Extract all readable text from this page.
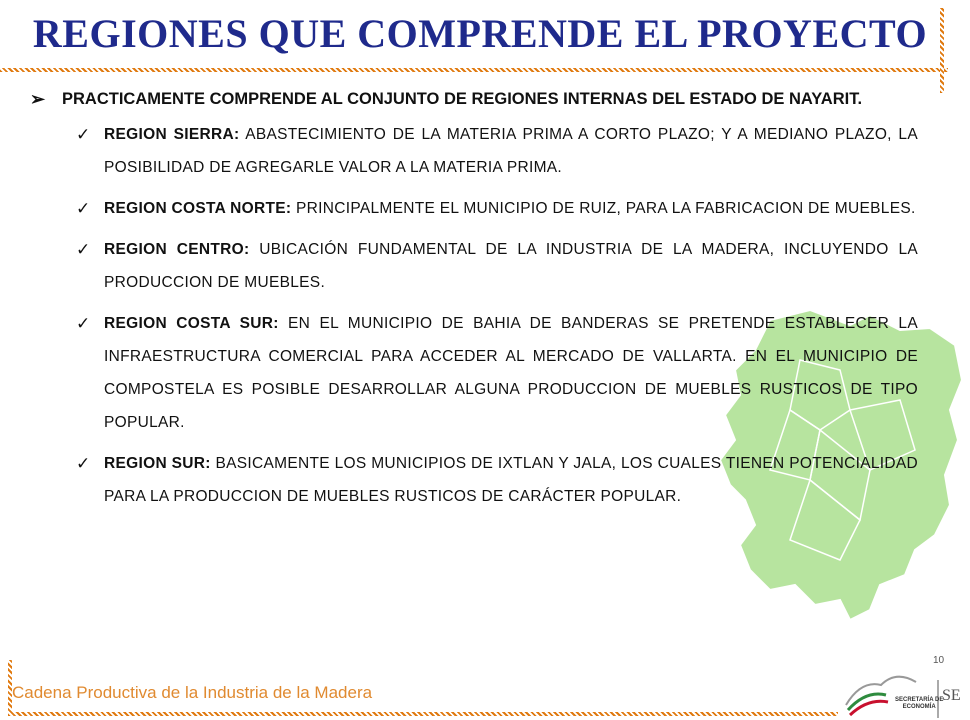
REGIONES QUE COMPRENDE EL PROYECTO
➢ PRACTICAMENTE COMPRENDE AL CONJUNTO DE REGIONES INTERNAS DEL ESTADO DE NAYARIT.
✓ REGION SIERRA: ABASTECIMIENTO DE LA MATERIA PRIMA A CORTO PLAZO; Y A MEDIANO PLAZO, LA POSIBILIDAD DE AGREGARLE VALOR A LA MATERIA PRIMA.
✓ REGION COSTA NORTE: PRINCIPALMENTE EL MUNICIPIO DE RUIZ, PARA LA FABRICACION DE MUEBLES.
✓ REGION CENTRO: UBICACIÓN FUNDAMENTAL DE LA INDUSTRIA DE LA MADERA, INCLUYENDO LA PRODUCCION DE MUEBLES.
✓ REGION COSTA SUR: EN EL MUNICIPIO DE BAHIA DE BANDERAS SE PRETENDE ESTABLECER LA INFRAESTRUCTURA COMERCIAL PARA ACCEDER AL MERCADO DE VALLARTA. EN EL MUNICIPIO DE COMPOSTELA ES POSIBLE DESARROLLAR ALGUNA PRODUCCION DE MUEBLES RUSTICOS DE TIPO POPULAR.
✓ REGION SUR: BASICAMENTE LOS MUNICIPIOS DE IXTLAN Y JALA, LOS CUALES TIENEN POTENCIALIDAD PARA LA PRODUCCION DE MUEBLES RUSTICOS DE CARÁCTER POPULAR.
10
Cadena Productiva de la Industria de la Madera	SE
SECRETARÍA DE
ECONOMÍA
